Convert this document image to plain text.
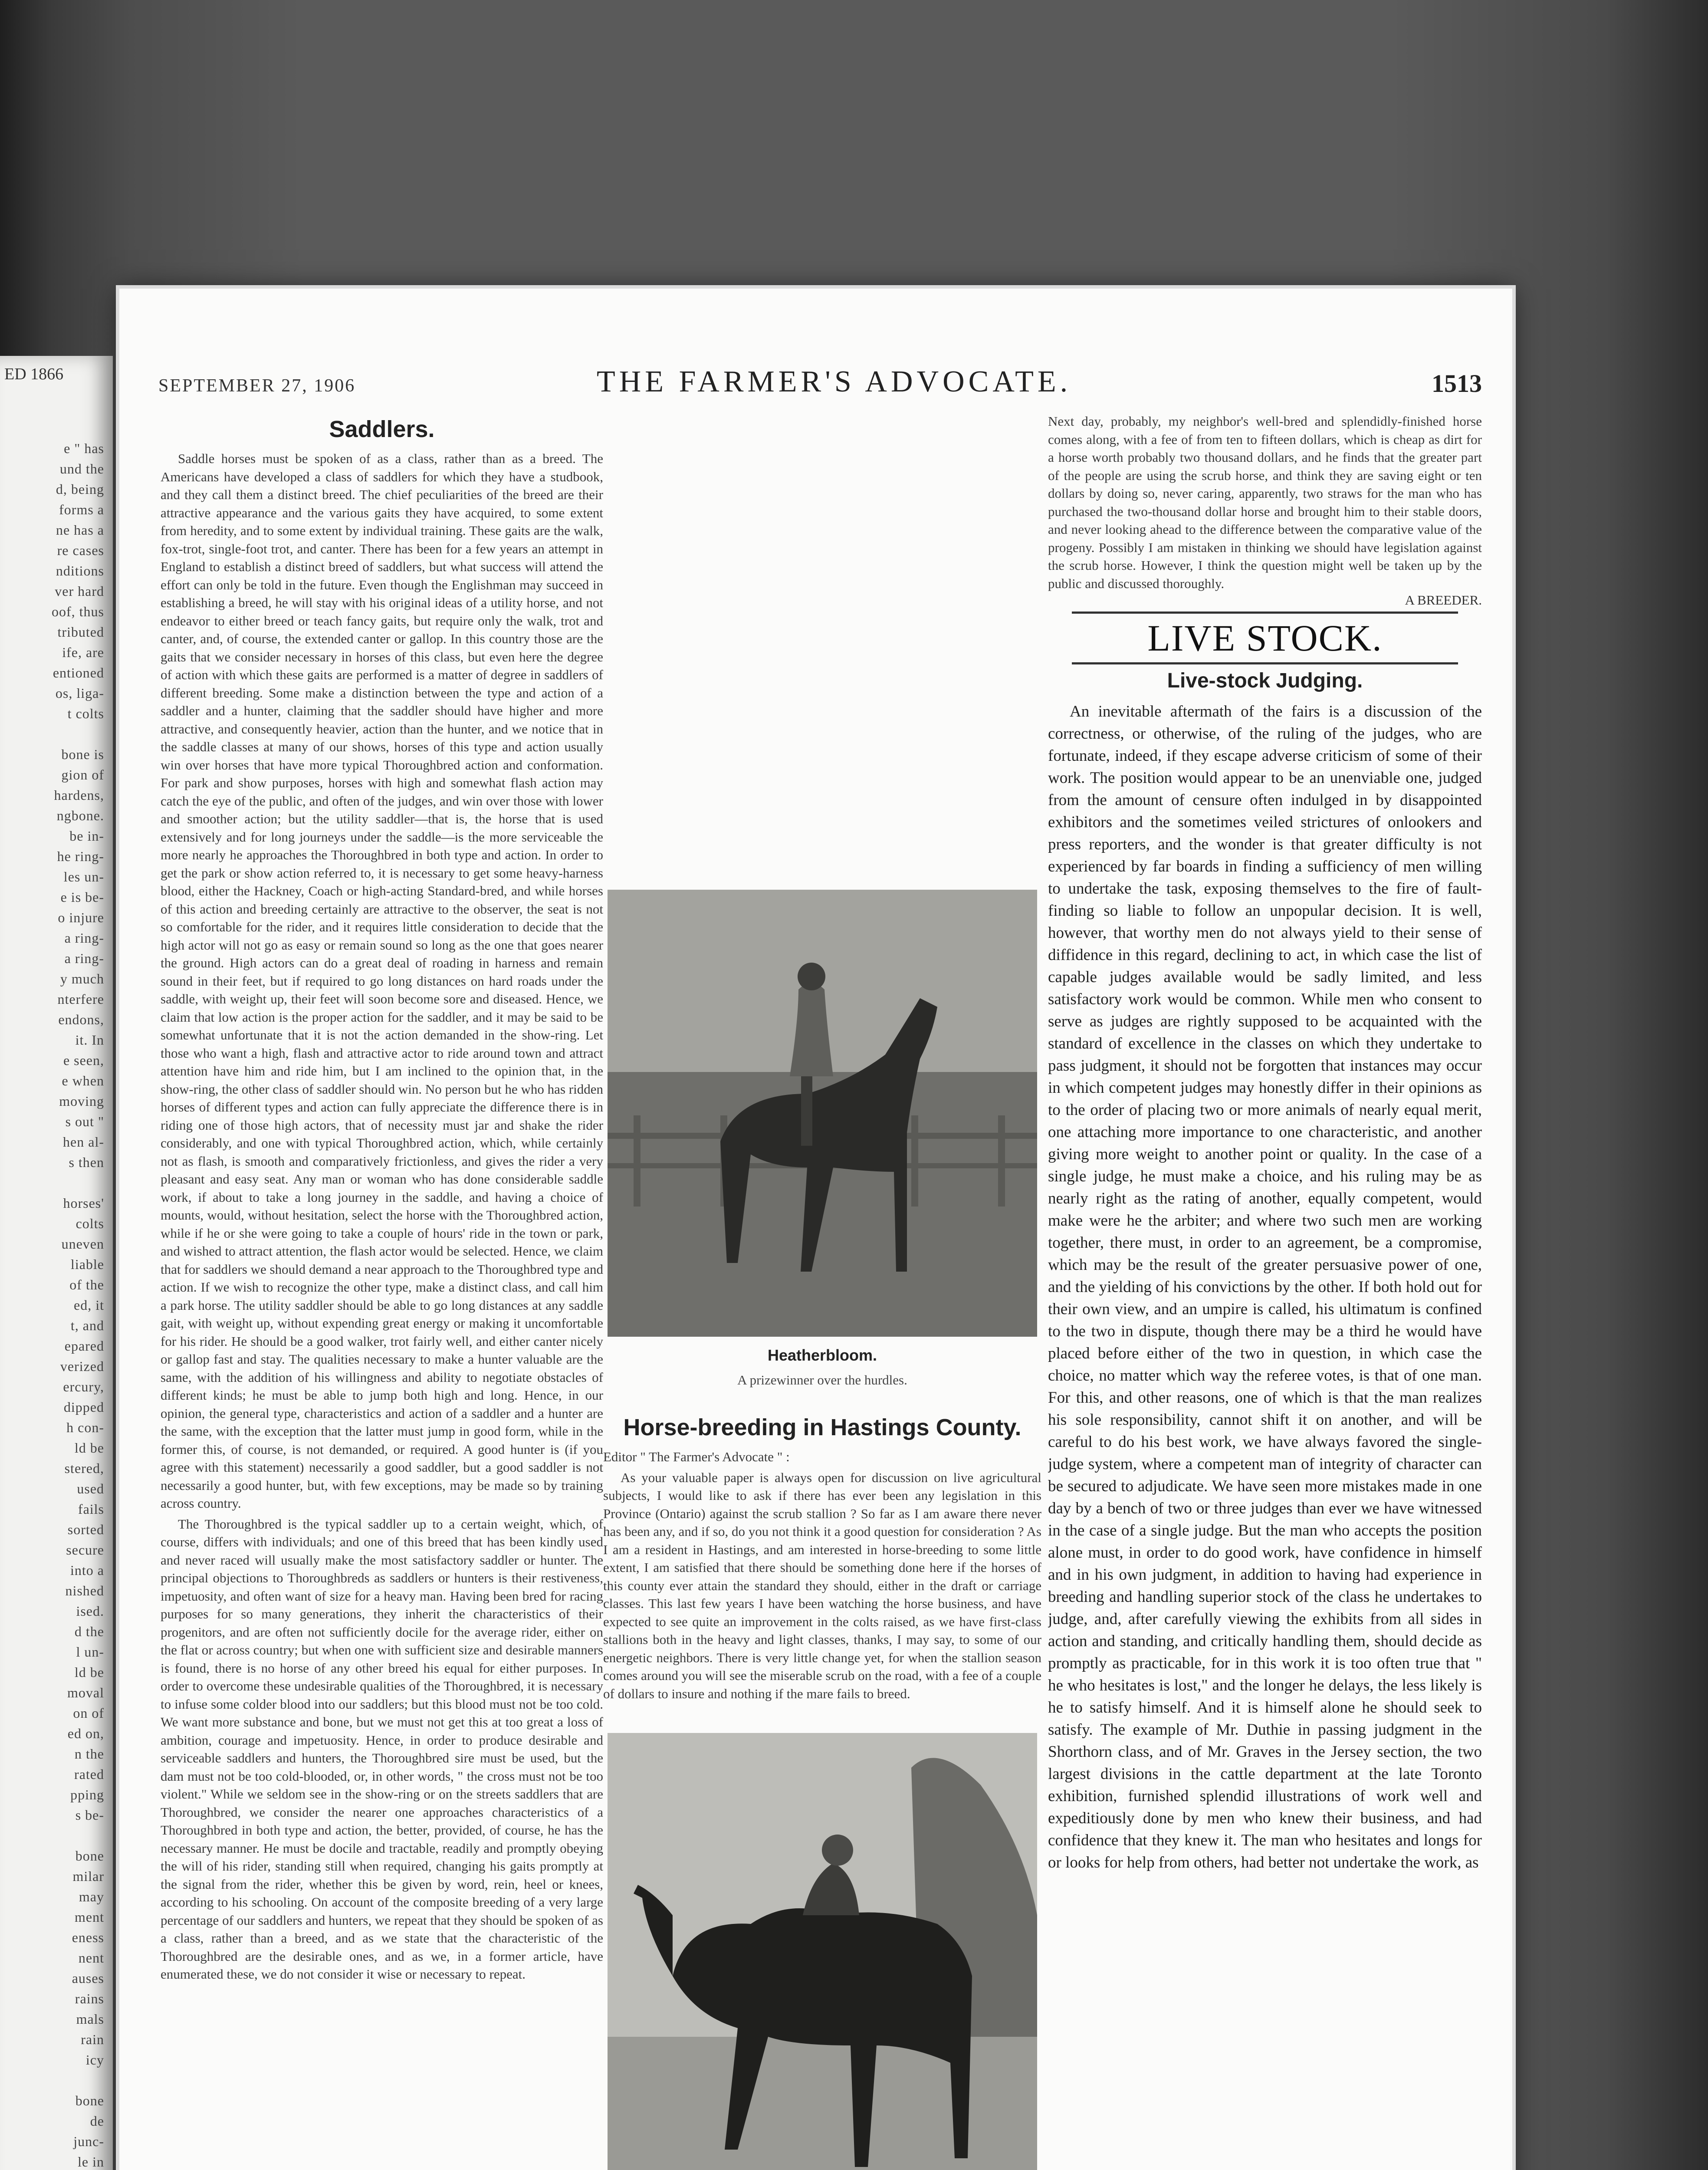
ED 1866
e " has
und the
d, being
forms a
ne has a
re cases
nditions
ver hard
oof, thus
tributed
ife, are
entioned
os, liga-
t colts

bone is
gion of
hardens,
ngbone.
be in-
he ring-
les un-
e is be-
o injure
a ring-
a ring-
y much
nterfere
endons,
it. In
e seen,
e when
moving
s out "
hen al-
s then

horses'
colts
uneven
liable
of the
ed, it
t, and
epared
verized
ercury,
dipped
h con-
ld be
stered,
used
fails
sorted
secure
into a
nished
ised.
d the
l un-
ld be
moval
on of
ed on,
n the
rated
pping
s be-

bone
milar
may
ment
eness
nent
auses
rains
mals
rain
icy

bone
de
junc-
le in

SEPTEMBER 27, 1906	THE FARMER'S ADVOCATE.	1513
Saddlers.

Saddle horses must be spoken of as a class, rather than as a breed. The Americans have developed a class of saddlers for which they have a studbook, and they call them a distinct breed. The chief peculiarities of the breed are their attractive appearance and the various gaits they have acquired, to some extent from heredity, and to some extent by individual training. These gaits are the walk, fox-trot, single-foot trot, and canter. There has been for a few years an attempt in England to establish a distinct breed of saddlers, but what success will attend the effort can only be told in the future. Even though the Englishman may succeed in establishing a breed, he will stay with his original ideas of a utility horse, and not endeavor to either breed or teach fancy gaits, but require only the walk, trot and canter, and, of course, the extended canter or gallop. In this country those are the gaits that we consider necessary in horses of this class, but even here the degree of action with which these gaits are performed is a matter of degree in saddlers of different breeding. Some make a distinction between the type and action of a saddler and a hunter, claiming that the saddler should have higher and more attractive, and consequently heavier, action than the hunter, and we notice that in the saddle classes at many of our shows, horses of this type and action usually win over horses that have more typical Thoroughbred action and conformation. For park and show purposes, horses with high and somewhat flash action may catch the eye of the public, and often of the judges, and win over those with lower and smoother action; but the utility saddler—that is, the horse that is used extensively and for long journeys under the saddle—is the more serviceable the more nearly he approaches the Thoroughbred in both type and action. In order to get the park or show action referred to, it is necessary to get some heavy-harness blood, either the Hackney, Coach or high-acting Standard-bred, and while horses of this action and breeding certainly are attractive to the observer, the seat is not so comfortable for the rider, and it requires little consideration to decide that the high actor will not go as easy or remain sound so long as the one that goes nearer the ground. High actors can do a great deal of roading in harness and remain sound in their feet, but if required to go long distances on hard roads under the saddle, with weight up, their feet will soon become sore and diseased. Hence, we claim that low action is the proper action for the saddler, and it may be said to be somewhat unfortunate that it is not the action demanded in the show-ring. Let those who want a high, flash and attractive actor to ride around town and attract attention have him and ride him, but I am inclined to the opinion that, in the show-ring, the other class of saddler should win. No person but he who has ridden horses of different types and action can fully appreciate the difference there is in riding one of those high actors, that of necessity must jar and shake the rider considerably, and one with typical Thoroughbred action, which, while certainly not as flash, is smooth and comparatively frictionless, and gives the rider a very pleasant and easy seat. Any man or woman who has done considerable saddle work, if about to take a long journey in the saddle, and having a choice of mounts, would, without hesitation, select the horse with the Thoroughbred action, while if he or she were going to take a couple of hours' ride in the town or park, and wished to attract attention, the flash actor would be selected. Hence, we claim that for saddlers we should demand a near approach to the Thoroughbred type and action. If we wish to recognize the other type, make a distinct class, and call him a park horse. The utility saddler should be able to go long distances at any saddle gait, with weight up, without expending great energy or making it uncomfortable for his rider. He should be a good walker, trot fairly well, and either canter nicely or gallop fast and stay. The qualities necessary to make a hunter valuable are the same, with the addition of his willingness and ability to negotiate obstacles of different kinds; he must be able to jump both high and long. Hence, in our opinion, the general type, characteristics and action of a saddler and a hunter are the same, with the exception that the latter must jump in good form, while in the former this, of course, is not demanded, or required. A good hunter is (if you agree with this statement) necessarily a good saddler, but a good saddler is not necessarily a good hunter, but, with few exceptions, may be made so by training across country.

The Thoroughbred is the typical saddler up to a certain weight, which, of course, differs with individuals; and one of this breed that has been kindly used and never raced will usually make the most satisfactory saddler or hunter. The principal objections to Thoroughbreds as saddlers or hunters is their restiveness, impetuosity, and often want of size for a heavy man. Having been bred for racing purposes for so many generations, they inherit the characteristics of their progenitors, and are often not sufficiently docile for the average rider, either on the flat or across country; but when one with sufficient size and desirable manners is found, there is no horse of any other breed his equal for either purposes. In order to overcome these undesirable qualities of the Thoroughbred, it is necessary to infuse some colder blood into our saddlers; but this blood must not be too cold. We want more substance and bone, but we must not get this at too great a loss of ambition, courage and impetuosity. Hence, in order to produce desirable and serviceable saddlers and hunters, the Thoroughbred sire must be used, but the dam must not be too cold-blooded, or, in other words, " the cross must not be too violent." While we seldom see in the show-ring or on the streets saddlers that are Thoroughbred, we consider the nearer one approaches characteristics of a Thoroughbred in both type and action, the better, provided, of course, he has the necessary manner. He must be docile and tractable, readily and promptly obeying the will of his rider, standing still when required, changing his gaits promptly at the signal from the rider, whether this be given by word, rein, heel or knees, according to his schooling. On account of the composite breeding of a very large percentage of our saddlers and hunters, we repeat that they should be spoken of as a class, rather than a breed, and as we state that the characteristic of the Thoroughbred are the desirable ones, and as we, in a former article, have enumerated these, we do not consider it wise or necessary to repeat.

Heatherbloom.
A prizewinner over the hurdles.
Horse-breeding in Hastings County.

Editor " The Farmer's Advocate " :

As your valuable paper is always open for discussion on live agricultural subjects, I would like to ask if there has ever been any legislation in this Province (Ontario) against the scrub stallion ? So far as I am aware there never has been any, and if so, do you not think it a good question for consideration ? As I am a resident in Hastings, and am interested in horse-breeding to some little extent, I am satisfied that there should be something done here if the horses of this county ever attain the standard they should, either in the draft or carriage classes. This last few years I have been watching the horse business, and have expected to see quite an improvement in the colts raised, as we have first-class stallions both in the heavy and light classes, thanks, I may say, to some of our energetic neighbors. There is very little change yet, for when the stallion season comes around you will see the miserable scrub on the road, with a fee of a couple of dollars to insure and nothing if the mare fails to breed.

Next day, probably, my neighbor's well-bred and splendidly-finished horse comes along, with a fee of from ten to fifteen dollars, which is cheap as dirt for a horse worth probably two thousand dollars, and he finds that the greater part of the people are using the scrub horse, and think they are saving eight or ten dollars by doing so, never caring, apparently, two straws for the man who has purchased the two-thousand dollar horse and brought him to their stable doors, and never looking ahead to the difference between the comparative value of the progeny. Possibly I am mistaken in thinking we should have legislation against the scrub horse. However, I think the question might well be taken up by the public and discussed thoroughly.

A BREEDER.
LIVE STOCK.
Live-stock Judging.

An inevitable aftermath of the fairs is a discussion of the correctness, or otherwise, of the ruling of the judges, who are fortunate, indeed, if they escape adverse criticism of some of their work. The position would appear to be an unenviable one, judged from the amount of censure often indulged in by disappointed exhibitors and the sometimes veiled strictures of onlookers and press reporters, and the wonder is that greater difficulty is not experienced by far boards in finding a sufficiency of men willing to undertake the task, exposing themselves to the fire of fault-finding so liable to follow an unpopular decision. It is well, however, that worthy men do not always yield to their sense of diffidence in this regard, declining to act, in which case the list of capable judges available would be sadly limited, and less satisfactory work would be common. While men who consent to serve as judges are rightly supposed to be acquainted with the standard of excellence in the classes on which they undertake to pass judgment, it should not be forgotten that instances may occur in which competent judges may honestly differ in their opinions as to the order of placing two or more animals of nearly equal merit, one attaching more importance to one characteristic, and another giving more weight to another point or quality. In the case of a single judge, he must make a choice, and his ruling may be as nearly right as the rating of another, equally competent, would make were he the arbiter; and where two such men are working together, there must, in order to an agreement, be a compromise, which may be the result of the greater persuasive power of one, and the yielding of his convictions by the other. If both hold out for their own view, and an umpire is called, his ultimatum is confined to the two in dispute, though there may be a third he would have placed before either of the two in question, in which case the choice, no matter which way the referee votes, is that of one man. For this, and other reasons, one of which is that the man realizes his sole responsibility, cannot shift it on another, and will be careful to do his best work, we have always favored the single-judge system, where a competent man of integrity of character can be secured to adjudicate. We have seen more mistakes made in one day by a bench of two or three judges than ever we have witnessed in the case of a single judge. But the man who accepts the position alone must, in order to do good work, have confidence in himself and in his own judgment, in addition to having had experience in breeding and handling superior stock of the class he undertakes to judge, and, after carefully viewing the exhibits from all sides in action and standing, and critically handling them, should decide as promptly as practicable, for in this work it is too often true that " he who hesitates is lost," and the longer he delays, the less likely is he to satisfy himself. And it is himself alone he should seek to satisfy. The example of Mr. Duthie in passing judgment in the Shorthorn class, and of Mr. Graves in the Jersey section, the two largest divisions in the cattle department at the late Toronto exhibition, furnished splendid illustrations of work well and expeditiously done by men who knew their business, and had confidence that they knew it. The man who hesitates and longs for or looks for help from others, had better not undertake the work, as
